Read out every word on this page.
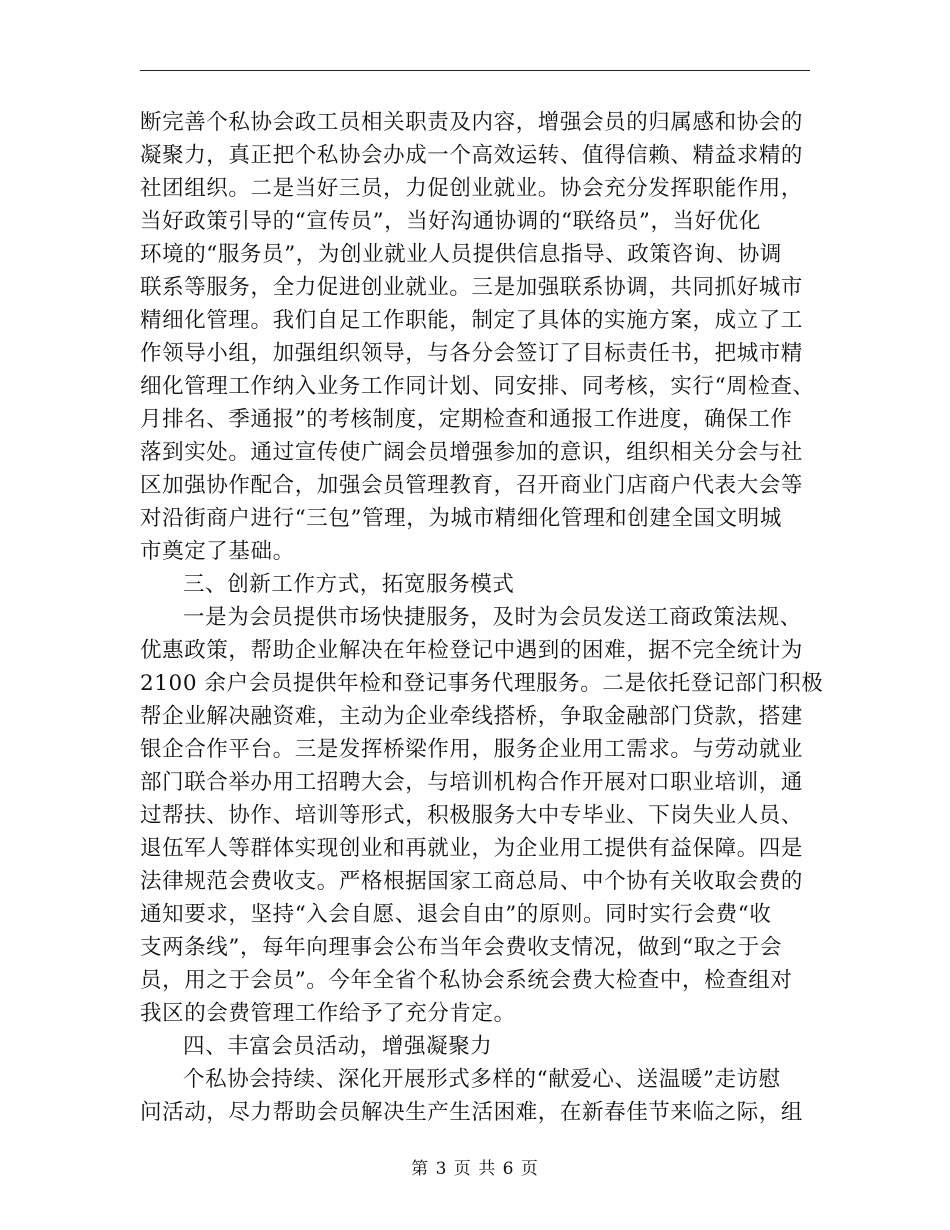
断完善个私协会政工员相关职责及内容，增强会员的归属感和协会的
凝聚力，真正把个私协会办成一个高效运转、值得信赖、精益求精的
社团组织。二是当好三员，力促创业就业。协会充分发挥职能作用，
当好政策引导的“宣传员”，当好沟通协调的“联络员”，当好优化
环境的“服务员”，为创业就业人员提供信息指导、政策咨询、协调
联系等服务，全力促进创业就业。三是加强联系协调，共同抓好城市
精细化管理。我们自足工作职能，制定了具体的实施方案，成立了工
作领导小组，加强组织领导，与各分会签订了目标责任书，把城市精
细化管理工作纳入业务工作同计划、同安排、同考核，实行“周检查、
月排名、季通报”的考核制度，定期检查和通报工作进度，确保工作
落到实处。通过宣传使广阔会员增强参加的意识，组织相关分会与社
区加强协作配合，加强会员管理教育，召开商业门店商户代表大会等
对沿街商户进行“三包”管理，为城市精细化管理和创建全国文明城
市奠定了基础。
三、创新工作方式，拓宽服务模式
一是为会员提供市场快捷服务，及时为会员发送工商政策法规、
优惠政策，帮助企业解决在年检登记中遇到的困难，据不完全统计为
2100 余户会员提供年检和登记事务代理服务。二是依托登记部门积极
帮企业解决融资难，主动为企业牵线搭桥，争取金融部门贷款，搭建
银企合作平台。三是发挥桥梁作用，服务企业用工需求。与劳动就业
部门联合举办用工招聘大会，与培训机构合作开展对口职业培训，通
过帮扶、协作、培训等形式，积极服务大中专毕业、下岗失业人员、
退伍军人等群体实现创业和再就业，为企业用工提供有益保障。四是
法律规范会费收支。严格根据国家工商总局、中个协有关收取会费的
通知要求，坚持“入会自愿、退会自由”的原则。同时实行会费“收
支两条线”，每年向理事会公布当年会费收支情况，做到“取之于会
员，用之于会员”。今年全省个私协会系统会费大检查中，检查组对
我区的会费管理工作给予了充分肯定。
四、丰富会员活动，增强凝聚力
个私协会持续、深化开展形式多样的“献爱心、送温暖”走访慰
问活动，尽力帮助会员解决生产生活困难，在新春佳节来临之际，组
第 3 页 共 6 页
